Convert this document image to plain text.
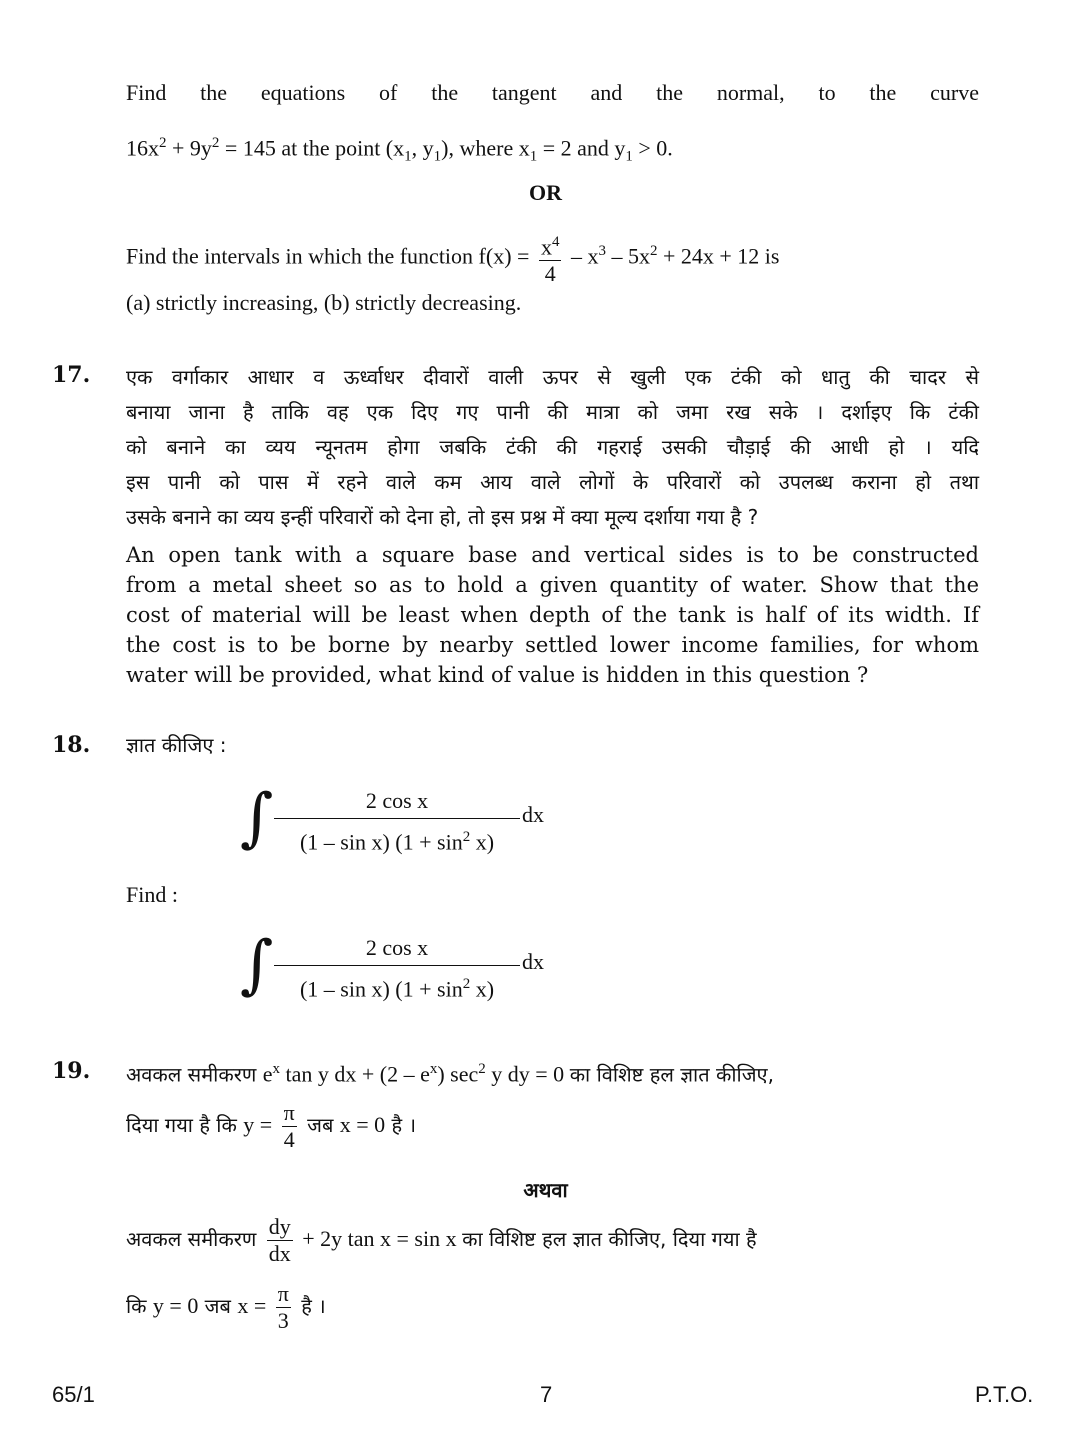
Find the equations of the tangent and the normal, to the curve
$16x^2 + 9y^2 = 145$ at the point ($x_1$, $y_1$), where $x_1 = 2$ and $y_1 > 0$.
OR
Find the intervals in which the function $f(x) = \frac{x^4}{4} - x^3 - 5x^2 + 24x + 12$ is
(a) strictly increasing, (b) strictly decreasing.
17. एक वर्गाकार आधार व ऊर्ध्वाधर दीवारों वाली ऊपर से खुली एक टंकी को धातु की चादर से
बनाया जाना है ताकि वह एक दिए गए पानी की मात्रा को जमा रख सके । दर्शाइए कि टंकी
को बनाने का व्यय न्यूनतम होगा जबकि टंकी की गहराई उसकी चौड़ाई की आधी हो । यदि
इस पानी को पास में रहने वाले कम आय वाले लोगों के परिवारों को उपलब्ध कराना हो तथा
उसके बनाने का व्यय इन्हीं परिवारों को देना हो, तो इस प्रश्न में क्या मूल्य दर्शाया गया है ?
An open tank with a square base and vertical sides is to be constructed
from a metal sheet so as to hold a given quantity of water. Show that the
cost of material will be least when depth of the tank is half of its width. If
the cost is to be borne by nearby settled lower income families, for whom
water will be provided, what kind of value is hidden in this question ?
18. ज्ञात कीजिए :
∫ $\frac{\text{2 cos x}}{(1 - \sin x) (1 + \sin^2 x)}$ dx
Find :
∫ $\frac{\text{2 cos x}}{(1 - \sin x) (1 + \sin^2 x)}$ dx
19. अवकल समीकरण $e^x$ tan y dx + $(2 - e^x)$ $\sec^2 y$ dy = 0 का विशिष्ट हल ज्ञात कीजिए,
दिया गया है कि $y = \frac{\pi}{4}$ जब x = 0 है ।
अथवा
अवकल समीकरण $\frac{dy}{dx} + 2y$ tan x = sin x का विशिष्ट हल ज्ञात कीजिए, दिया गया है
कि y = 0 जब $x = \frac{\pi}{3}$ है ।
65/1	7	P.T.O.
